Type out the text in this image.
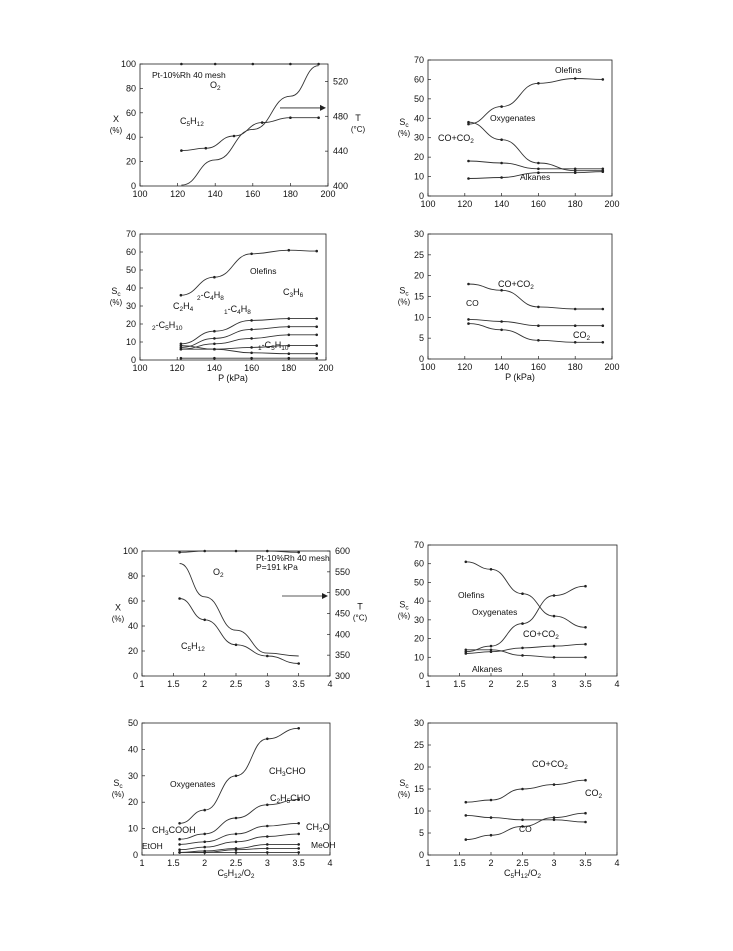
100	120	140	160	180	200
0
20
40
60
80
100
400
440
480
520
T
(°C)
X
(%)
Pt-10%Rh 40 mesh
O2
C5H12
100 120 140 160 180 200
0
10
20
30
40
50
60
70
Sc
(%)
Olefins
Oxygenates
CO+CO2
Alkanes
100 120 140 160 180 200
0
10
20
30
40
50
60
70
Sc
(%)
P (kPa)
Olefins
2-C4H8
C2H4	1-C4H8
C3H6
2-C5H10
1-C5H10
100 120 140 160 180 200
0
5
10
15
20
25
30
Sc
(%)
P (kPa)
CO+CO2
CO
CO2
1	1.5	2	2.5	3	3.5	4
0
20
40
60
80
100
300
350
400
450
500
550
600
T
(°C)
X
(%)
Pt-10%Rh 40 mesh
P=191 kPa
O2
C5H12
1	1.5	2	2.5	3	3.5	4
0
10
20
30
40
50
60
70
Sc
(%)
Olefins
Oxygenates
CO+CO2
Alkanes
1	1.5	2	2.5	3	3.5	4
0
10
20
30
40
50
Sc
(%)
C5H12/O2
Oxygenates
CH3CHO
CH3COOH
C2H5CHO
CH2O
EtOH	MeOH
1	1.5	2	2.5	3	3.5	4
0
5
10
15
20
25
30
Sc
(%)
C5H12/O2
CO+CO2
CO2
CO
